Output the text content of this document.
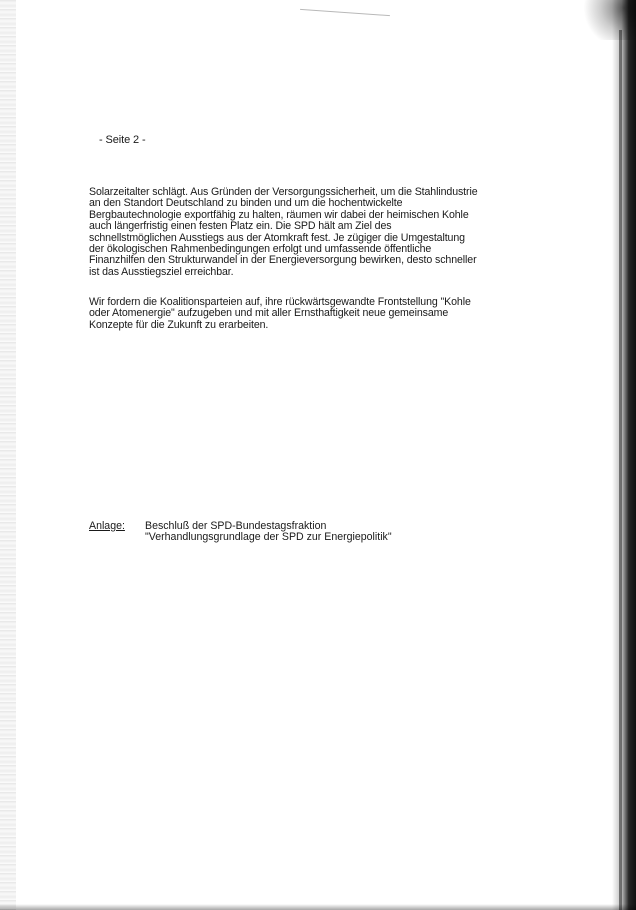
- Seite 2 -
Solarzeitalter schlägt. Aus Gründen der Versorgungssicherheit, um die Stahlindustrie
an den Standort Deutschland zu binden und um die hochentwickelte
Bergbautechnologie exportfähig zu halten, räumen wir dabei der heimischen Kohle
auch längerfristig einen festen Platz ein. Die SPD hält am Ziel des
schnellstmöglichen Ausstiegs aus der Atomkraft fest. Je zügiger die Umgestaltung
der ökologischen Rahmenbedingungen erfolgt und umfassende öffentliche
Finanzhilfen den Strukturwandel in der Energieversorgung bewirken, desto schneller
ist das Ausstiegsziel erreichbar.
Wir fordern die Koalitionsparteien auf, ihre rückwärtsgewandte Frontstellung "Kohle
oder Atomenergie" aufzugeben und mit aller Ernsthaftigkeit neue gemeinsame
Konzepte für die Zukunft zu erarbeiten.
Anlage: Beschluß der SPD-Bundestagsfraktion
"Verhandlungsgrundlage der SPD zur Energiepolitik"
